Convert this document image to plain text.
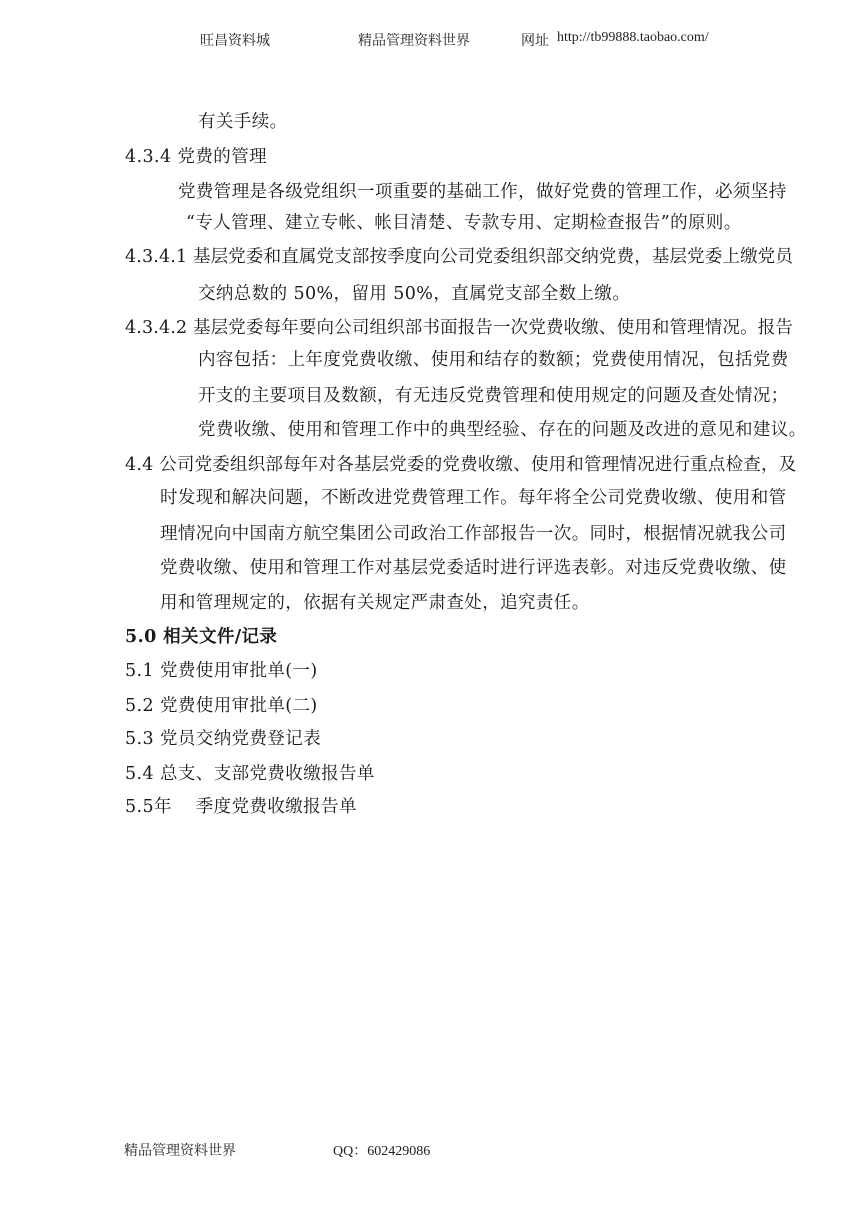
旺昌资料城	精品管理资料世界	网址 http://tb99888.taobao.com/
有关手续。
4.3.4 党费的管理
党费管理是各级党组织一项重要的基础工作，做好党费的管理工作，必须坚持
“专人管理、建立专帐、帐目清楚、专款专用、定期检查报告”的原则。
4.3.4.1 基层党委和直属党支部按季度向公司党委组织部交纳党费，基层党委上缴党员
交纳总数的 50%，留用 50%，直属党支部全数上缴。
4.3.4.2 基层党委每年要向公司组织部书面报告一次党费收缴、使用和管理情况。报告
内容包括：上年度党费收缴、使用和结存的数额；党费使用情况，包括党费
开支的主要项目及数额，有无违反党费管理和使用规定的问题及查处情况；
党费收缴、使用和管理工作中的典型经验、存在的问题及改进的意见和建议。
4.4 公司党委组织部每年对各基层党委的党费收缴、使用和管理情况进行重点检查，及
时发现和解决问题，不断改进党费管理工作。每年将全公司党费收缴、使用和管
理情况向中国南方航空集团公司政治工作部报告一次。同时，根据情况就我公司
党费收缴、使用和管理工作对基层党委适时进行评选表彰。对违反党费收缴、使
用和管理规定的，依据有关规定严肃查处，追究责任。
5.0 相关文件/记录
5.1 党费使用审批单(一)
5.2 党费使用审批单(二)
5.3 党员交纳党费登记表
5.4 总支、支部党费收缴报告单
5.5年    季度党费收缴报告单
精品管理资料世界	QQ：602429086
